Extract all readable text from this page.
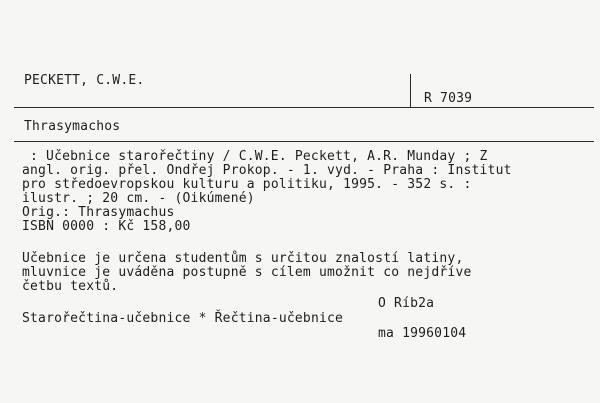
PECKETT, C.W.E.
R 7039
Thrasymachos
: Učebnice starořečtiny / C.W.E. Peckett, A.R. Munday ; Z
angl. orig. přel. Ondřej Prokop. - 1. vyd. - Praha : Institut
pro středoevropskou kulturu a politiku, 1995. - 352 s. :
ilustr. ; 20 cm. - (Oikúmené)
Orig.: Thrasymachus
ISBN 0000 : Kč 158,00
Učebnice je určena studentům s určitou znalostí latiny,
mluvnice je uváděna postupně s cílem umožnit co nejdříve
četbu textů.
O Ríb2a
Starořečtina-učebnice * Řečtina-učebnice
ma 19960104
